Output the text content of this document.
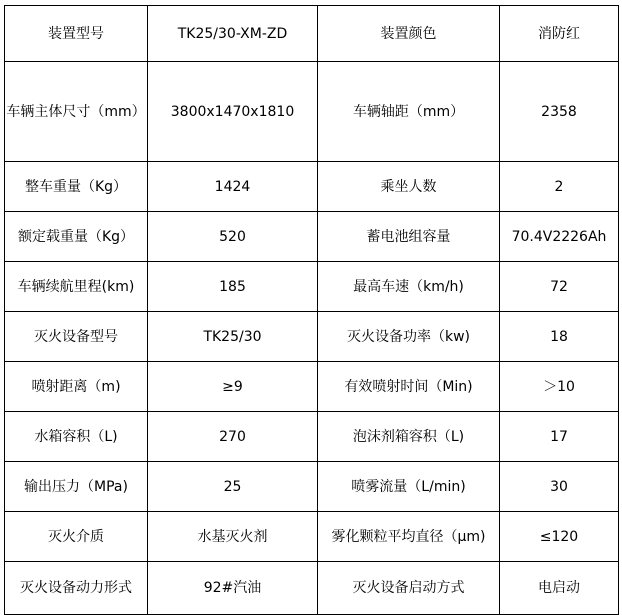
装置型号	TK25/30-XM-ZD	装置颜色	消防红
车辆主体尺寸（mm）	3800x1470x1810	车辆轴距（mm）	2358
整车重量（Kg）	1424	乘坐人数	2
额定载重量（Kg）	520	蓄电池组容量	70.4V2226Ah
车辆续航里程(km)	185	最高车速（km/h)	72
灭火设备型号	TK25/30	灭火设备功率（kw)	18
喷射距离（m)	≥9	有效喷射时间（Min)	＞10
水箱容积（L)	270	泡沫剂箱容积（L)	17
输出压力（MPa)	25	喷雾流量（L/min)	30
灭火介质	水基灭火剂	雾化颗粒平均直径（μm)	≤120
灭火设备动力形式	92#汽油	灭火设备启动方式	电启动
